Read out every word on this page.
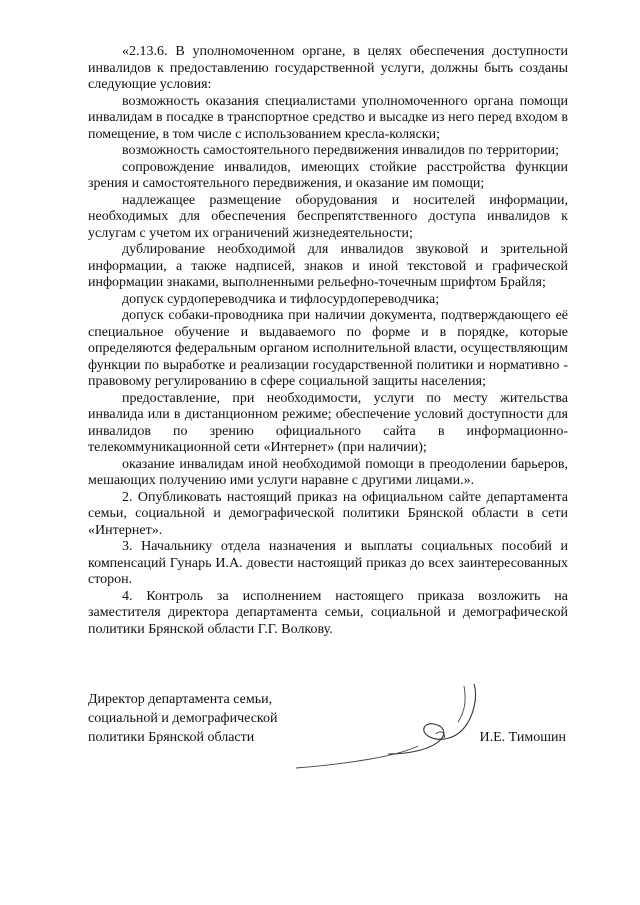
«2.13.6. В уполномоченном органе, в целях обеспечения доступности инвалидов к предоставлению государственной услуги, должны быть созданы следующие условия:

возможность оказания специалистами уполномоченного органа помощи инвалидам в посадке в транспортное средство и высадке из него перед входом в помещение, в том числе с использованием кресла-коляски;

возможность самостоятельного передвижения инвалидов по территории;

сопровождение инвалидов, имеющих стойкие расстройства функции зрения и самостоятельного передвижения, и оказание им помощи;

надлежащее размещение оборудования и носителей информации, необходимых для обеспечения беспрепятственного доступа инвалидов к услугам с учетом их ограничений жизнедеятельности;

дублирование необходимой для инвалидов звуковой и зрительной информации, а также надписей, знаков и иной текстовой и графической информации знаками, выполненными рельефно-точечным шрифтом Брайля;

допуск сурдопереводчика и тифлосурдопереводчика;

допуск собаки-проводника при наличии документа, подтверждающего её специальное обучение и выдаваемого по форме и в порядке, которые определяются федеральным органом исполнительной власти, осуществляющим функции по выработке и реализации государственной политики и нормативно - правовому регулированию в сфере социальной защиты населения;

предоставление, при необходимости, услуги по месту жительства инвалида или в дистанционном режиме; обеспечение условий доступности для инвалидов по зрению официального сайта в информационно-телекоммуникационной сети «Интернет» (при наличии);

оказание инвалидам иной необходимой помощи в преодолении барьеров, мешающих получению ими услуги наравне с другими лицами.».

2. Опубликовать настоящий приказ на официальном сайте департамента семьи, социальной и демографической политики Брянской области в сети «Интернет».

3. Начальнику отдела назначения и выплаты социальных пособий и компенсаций Гунарь И.А. довести настоящий приказ до всех заинтересованных сторон.

4. Контроль за исполнением настоящего приказа возложить на заместителя директора департамента семьи, социальной и демографической политики Брянской области Г.Г. Волкову.

Директор департамента семьи,
социальной и демографической
политики Брянской области	И.Е. Тимошин
